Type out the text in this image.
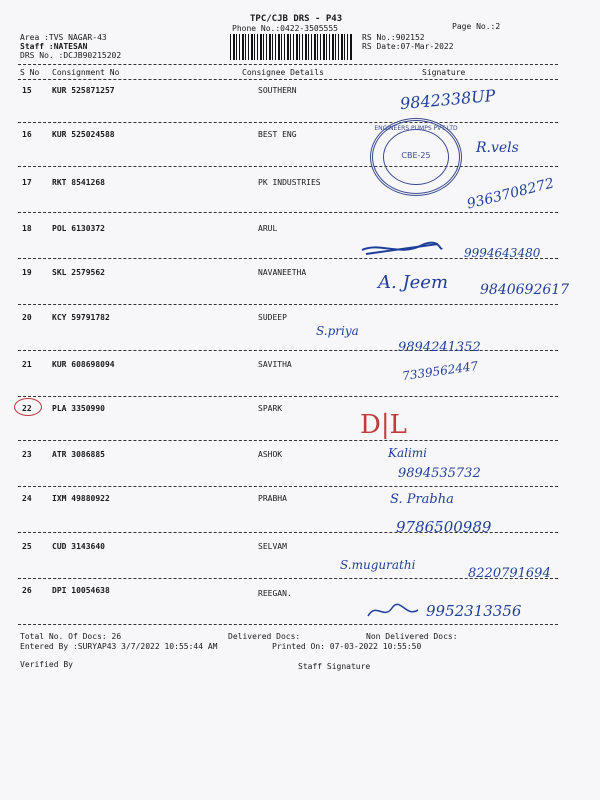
TPC/CJB DRS - P43
Phone No.:0422-3505555	Page No.:2
Area :TVS NAGAR-43
Staff :NATESAN
DRS No. :DCJB90215202
RS No.:902152
RS Date:07-Mar-2022
S No Consignment No	Consignee Details	Signature
15	KUR 525871257	SOUTHERN
16	KUR 525024588	BEST ENG
17	RKT 8541268	PK INDUSTRIES
18	POL 6130372	ARUL
19	SKL 2579562	NAVANEETHA
20	KCY 59791782	SUDEEP
21	KUR 608698094	SAVITHA
22	PLA 3350990	SPARK
23	ATR 3086885	ASHOK
24	IXM 49880922	PRABHA
25	CUD 3143640	SELVAM
26	DPI 10054638	REEGAN.
ENGINEERS PUMPS PVT LTD
CBE-25
9842338UP
R.vels
9363708272
9994643480
A. Jeem 9840692617
S.priya
9894241352
7339562447
D|L
Kalimi
9894535732
S. Prabha
9786500989
S.mugurathi
8220791694
9952313356
Total No. Of Docs: 26	Delivered Docs:	Non Delivered Docs:
Entered By :SURYAP43 3/7/2022 10:55:44 AM	Printed On: 07-03-2022 10:55:50
Verified By	Staff Signature
